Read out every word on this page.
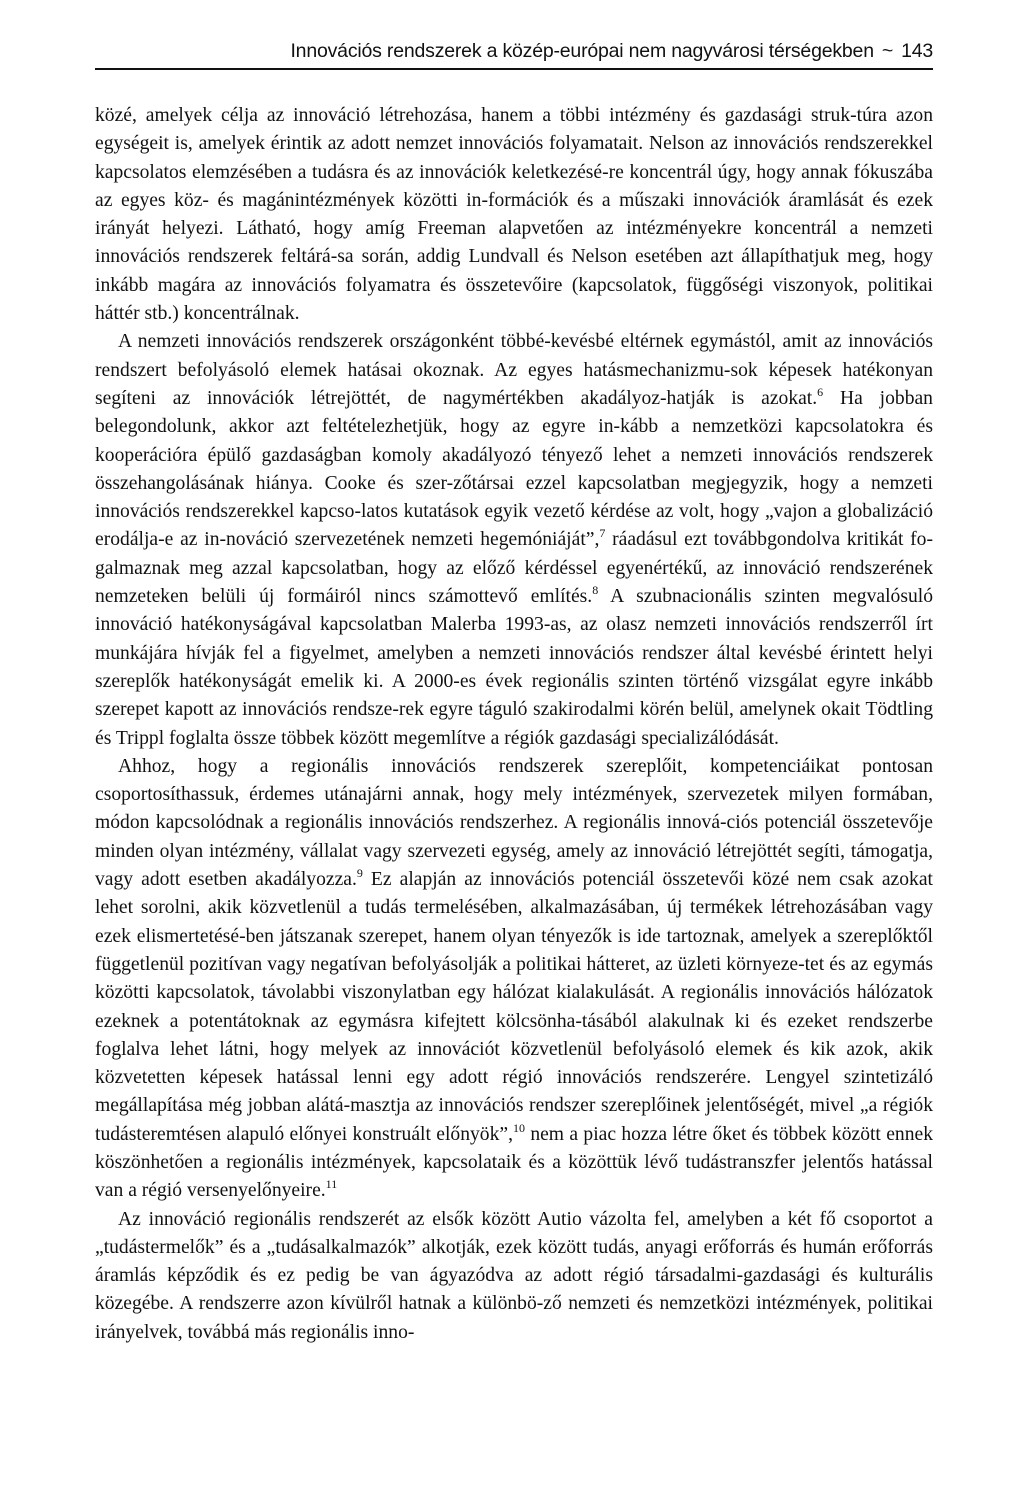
Innovációs rendszerek a közép-európai nem nagyvárosi térségekben ~ 143

közé, amelyek célja az innováció létrehozása, hanem a többi intézmény és gazdasági struk-túra azon egységeit is, amelyek érintik az adott nemzet innovációs folyamatait. Nelson az innovációs rendszerekkel kapcsolatos elemzésében a tudásra és az innovációk keletkezésé-re koncentrál úgy, hogy annak fókuszába az egyes köz- és magánintézmények közötti in-formációk és a műszaki innovációk áramlását és ezek irányát helyezi. Látható, hogy amíg Freeman alapvetően az intézményekre koncentrál a nemzeti innovációs rendszerek feltárá-sa során, addig Lundvall és Nelson esetében azt állapíthatjuk meg, hogy inkább magára az innovációs folyamatra és összetevőire (kapcsolatok, függőségi viszonyok, politikai háttér stb.) koncentrálnak.

A nemzeti innovációs rendszerek országonként többé-kevésbé eltérnek egymástól, amit az innovációs rendszert befolyásoló elemek hatásai okoznak. Az egyes hatásmechanizmu-sok képesek hatékonyan segíteni az innovációk létrejöttét, de nagymértékben akadályoz-hatják is azokat.$^6$ Ha jobban belegondolunk, akkor azt feltételezhetjük, hogy az egyre in-kább a nemzetközi kapcsolatokra és kooperációra épülő gazdaságban komoly akadályozó tényező lehet a nemzeti innovációs rendszerek összehangolásának hiánya. Cooke és szer-zőtársai ezzel kapcsolatban megjegyzik, hogy a nemzeti innovációs rendszerekkel kapcso-latos kutatások egyik vezető kérdése az volt, hogy „vajon a globalizáció erodálja-e az in-nováció szervezetének nemzeti hegemóniáját”,$^7$ ráadásul ezt továbbgondolva kritikát fo-galmaznak meg azzal kapcsolatban, hogy az előző kérdéssel egyenértékű, az innováció rendszerének nemzeteken belüli új formáiról nincs számottevő említés.$^8$ A szubnacionális szinten megvalósuló innováció hatékonyságával kapcsolatban Malerba 1993-as, az olasz nemzeti innovációs rendszerről írt munkájára hívják fel a figyelmet, amelyben a nemzeti innovációs rendszer által kevésbé érintett helyi szereplők hatékonyságát emelik ki. A 2000-es évek regionális szinten történő vizsgálat egyre inkább szerepet kapott az innovációs rendsze-rek egyre táguló szakirodalmi körén belül, amelynek okait Tödtling és Trippl foglalta össze többek között megemlítve a régiók gazdasági specializálódását.

Ahhoz, hogy a regionális innovációs rendszerek szereplőit, kompetenciáikat pontosan csoportosíthassuk, érdemes utánajárni annak, hogy mely intézmények, szervezetek milyen formában, módon kapcsolódnak a regionális innovációs rendszerhez. A regionális innová-ciós potenciál összetevője minden olyan intézmény, vállalat vagy szervezeti egység, amely az innováció létrejöttét segíti, támogatja, vagy adott esetben akadályozza.$^9$ Ez alapján az innovációs potenciál összetevői közé nem csak azokat lehet sorolni, akik közvetlenül a tudás termelésében, alkalmazásában, új termékek létrehozásában vagy ezek elismertetésé-ben játszanak szerepet, hanem olyan tényezők is ide tartoznak, amelyek a szereplőktől függetlenül pozitívan vagy negatívan befolyásolják a politikai hátteret, az üzleti környeze-tet és az egymás közötti kapcsolatok, távolabbi viszonylatban egy hálózat kialakulását. A regionális innovációs hálózatok ezeknek a potentátoknak az egymásra kifejtett kölcsönha-tásából alakulnak ki és ezeket rendszerbe foglalva lehet látni, hogy melyek az innovációt közvetlenül befolyásoló elemek és kik azok, akik közvetetten képesek hatással lenni egy adott régió innovációs rendszerére. Lengyel szintetizáló megállapítása még jobban alátá-masztja az innovációs rendszer szereplőinek jelentőségét, mivel „a régiók tudásteremtésen alapuló előnyei konstruált előnyök”,$^{10}$ nem a piac hozza létre őket és többek között ennek köszönhetően a regionális intézmények, kapcsolataik és a közöttük lévő tudástranszfer jelentős hatással van a régió versenyelőnyeire.$^{11}$

Az innováció regionális rendszerét az elsők között Autio vázolta fel, amelyben a két fő csoportot a „tudástermelők” és a „tudásalkalmazók” alkotják, ezek között tudás, anyagi erőforrás és humán erőforrás áramlás képződik és ez pedig be van ágyazódva az adott régió társadalmi-gazdasági és kulturális közegébe. A rendszerre azon kívülről hatnak a különbö-ző nemzeti és nemzetközi intézmények, politikai irányelvek, továbbá más regionális inno-
